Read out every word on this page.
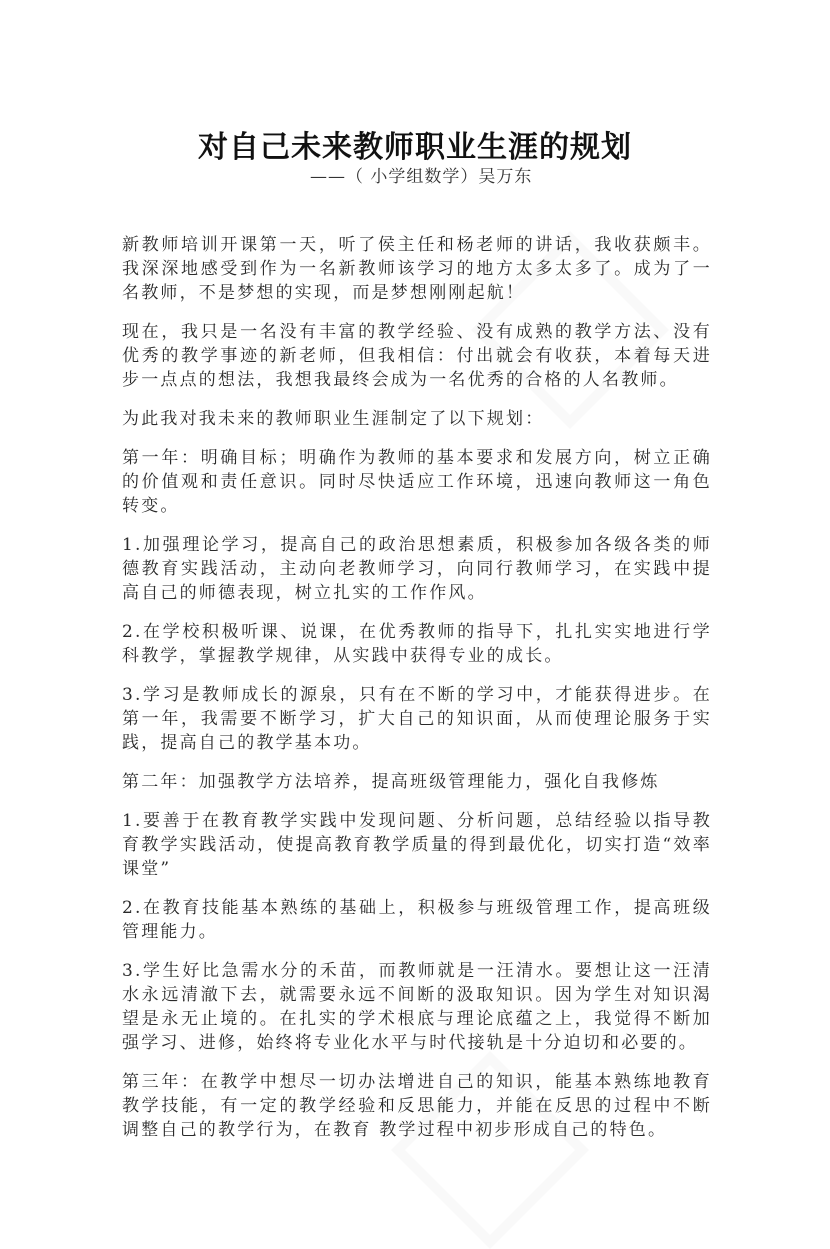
对自己未来教师职业生涯的规划
——（ 小学组数学）吴万东

新教师培训开课第一天，听了侯主任和杨老师的讲话，我收获颇丰。我深深地感受到作为一名新教师该学习的地方太多太多了。成为了一名教师，不是梦想的实现，而是梦想刚刚起航！

现在，我只是一名没有丰富的教学经验、没有成熟的教学方法、没有优秀的教学事迹的新老师，但我相信：付出就会有收获，本着每天进步一点点的想法，我想我最终会成为一名优秀的合格的人名教师。

为此我对我未来的教师职业生涯制定了以下规划：

第一年：明确目标；明确作为教师的基本要求和发展方向，树立正确的价值观和责任意识。同时尽快适应工作环境，迅速向教师这一角色转变。

1.加强理论学习，提高自己的政治思想素质，积极参加各级各类的师德教育实践活动，主动向老教师学习，向同行教师学习，在实践中提高自己的师德表现，树立扎实的工作作风。

2.在学校积极听课、说课，在优秀教师的指导下，扎扎实实地进行学科教学，掌握教学规律，从实践中获得专业的成长。

3.学习是教师成长的源泉，只有在不断的学习中，才能获得进步。在第一年，我需要不断学习，扩大自己的知识面，从而使理论服务于实践，提高自己的教学基本功。

第二年：加强教学方法培养，提高班级管理能力，强化自我修炼

1.要善于在教育教学实践中发现问题、分析问题，总结经验以指导教育教学实践活动，使提高教育教学质量的得到最优化，切实打造“效率课堂”

2.在教育技能基本熟练的基础上，积极参与班级管理工作，提高班级管理能力。

3.学生好比急需水分的禾苗，而教师就是一汪清水。要想让这一汪清水永远清澈下去，就需要永远不间断的汲取知识。因为学生对知识渴望是永无止境的。在扎实的学术根底与理论底蕴之上，我觉得不断加强学习、进修，始终将专业化水平与时代接轨是十分迫切和必要的。

第三年：在教学中想尽一切办法增进自己的知识，能基本熟练地教育教学技能，有一定的教学经验和反思能力，并能在反思的过程中不断调整自己的教学行为，在教育 教学过程中初步形成自己的特色。
